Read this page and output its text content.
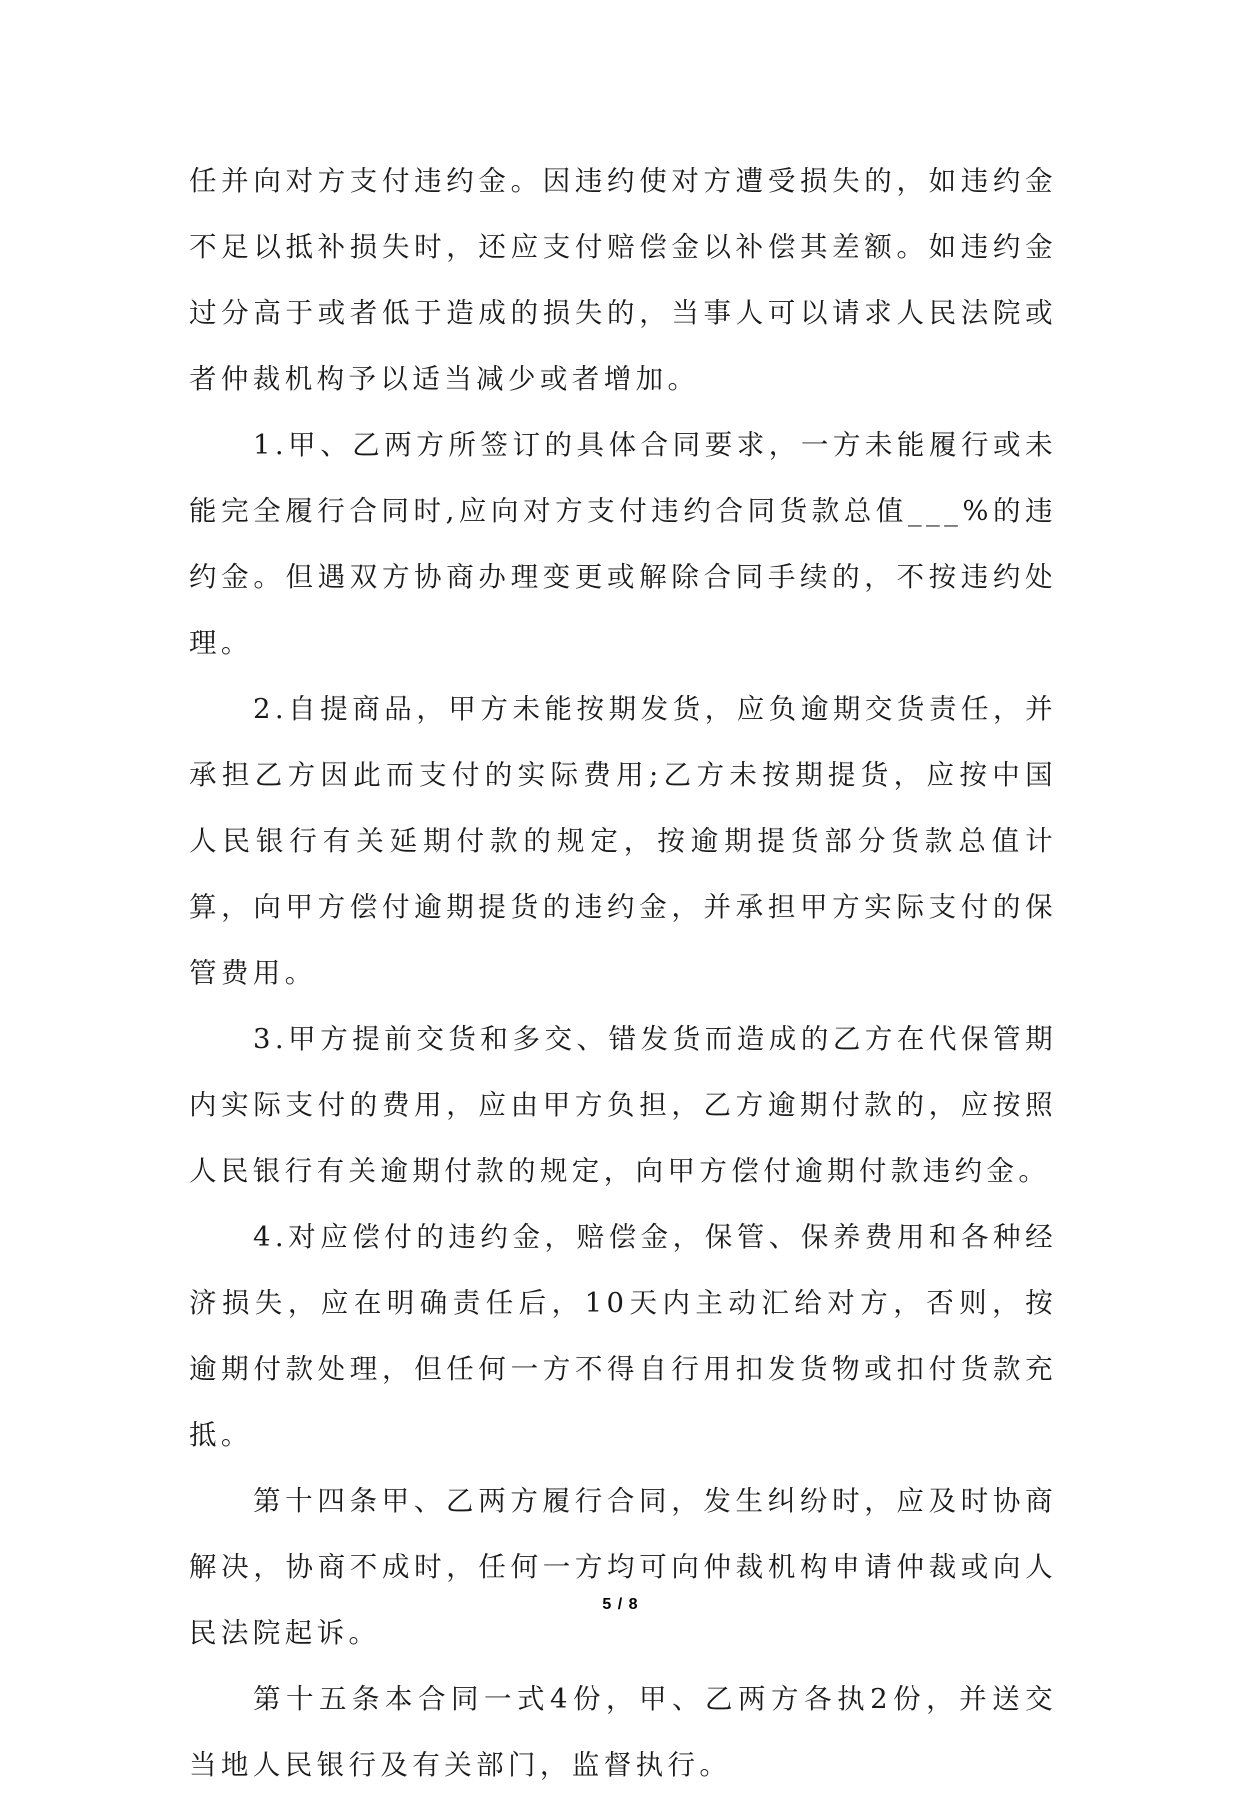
任并向对方支付违约金。因违约使对方遭受损失的，如违约金不足以抵补损失时，还应支付赔偿金以补偿其差额。如违约金过分高于或者低于造成的损失的，当事人可以请求人民法院或者仲裁机构予以适当减少或者增加。

1.甲、乙两方所签订的具体合同要求，一方未能履行或未能完全履行合同时,应向对方支付违约合同货款总值___%的违约金。但遇双方协商办理变更或解除合同手续的，不按违约处理。

2.自提商品，甲方未能按期发货，应负逾期交货责任，并承担乙方因此而支付的实际费用;乙方未按期提货，应按中国人民银行有关延期付款的规定，按逾期提货部分货款总值计算，向甲方偿付逾期提货的违约金，并承担甲方实际支付的保管费用。

3.甲方提前交货和多交、错发货而造成的乙方在代保管期内实际支付的费用，应由甲方负担，乙方逾期付款的，应按照人民银行有关逾期付款的规定，向甲方偿付逾期付款违约金。

4.对应偿付的违约金，赔偿金，保管、保养费用和各种经济损失，应在明确责任后，10天内主动汇给对方，否则，按逾期付款处理，但任何一方不得自行用扣发货物或扣付货款充抵。

第十四条甲、乙两方履行合同，发生纠纷时，应及时协商解决，协商不成时，任何一方均可向仲裁机构申请仲裁或向人民法院起诉。

第十五条本合同一式4份，甲、乙两方各执2份，并送交当地人民银行及有关部门，监督执行。

5 / 8
